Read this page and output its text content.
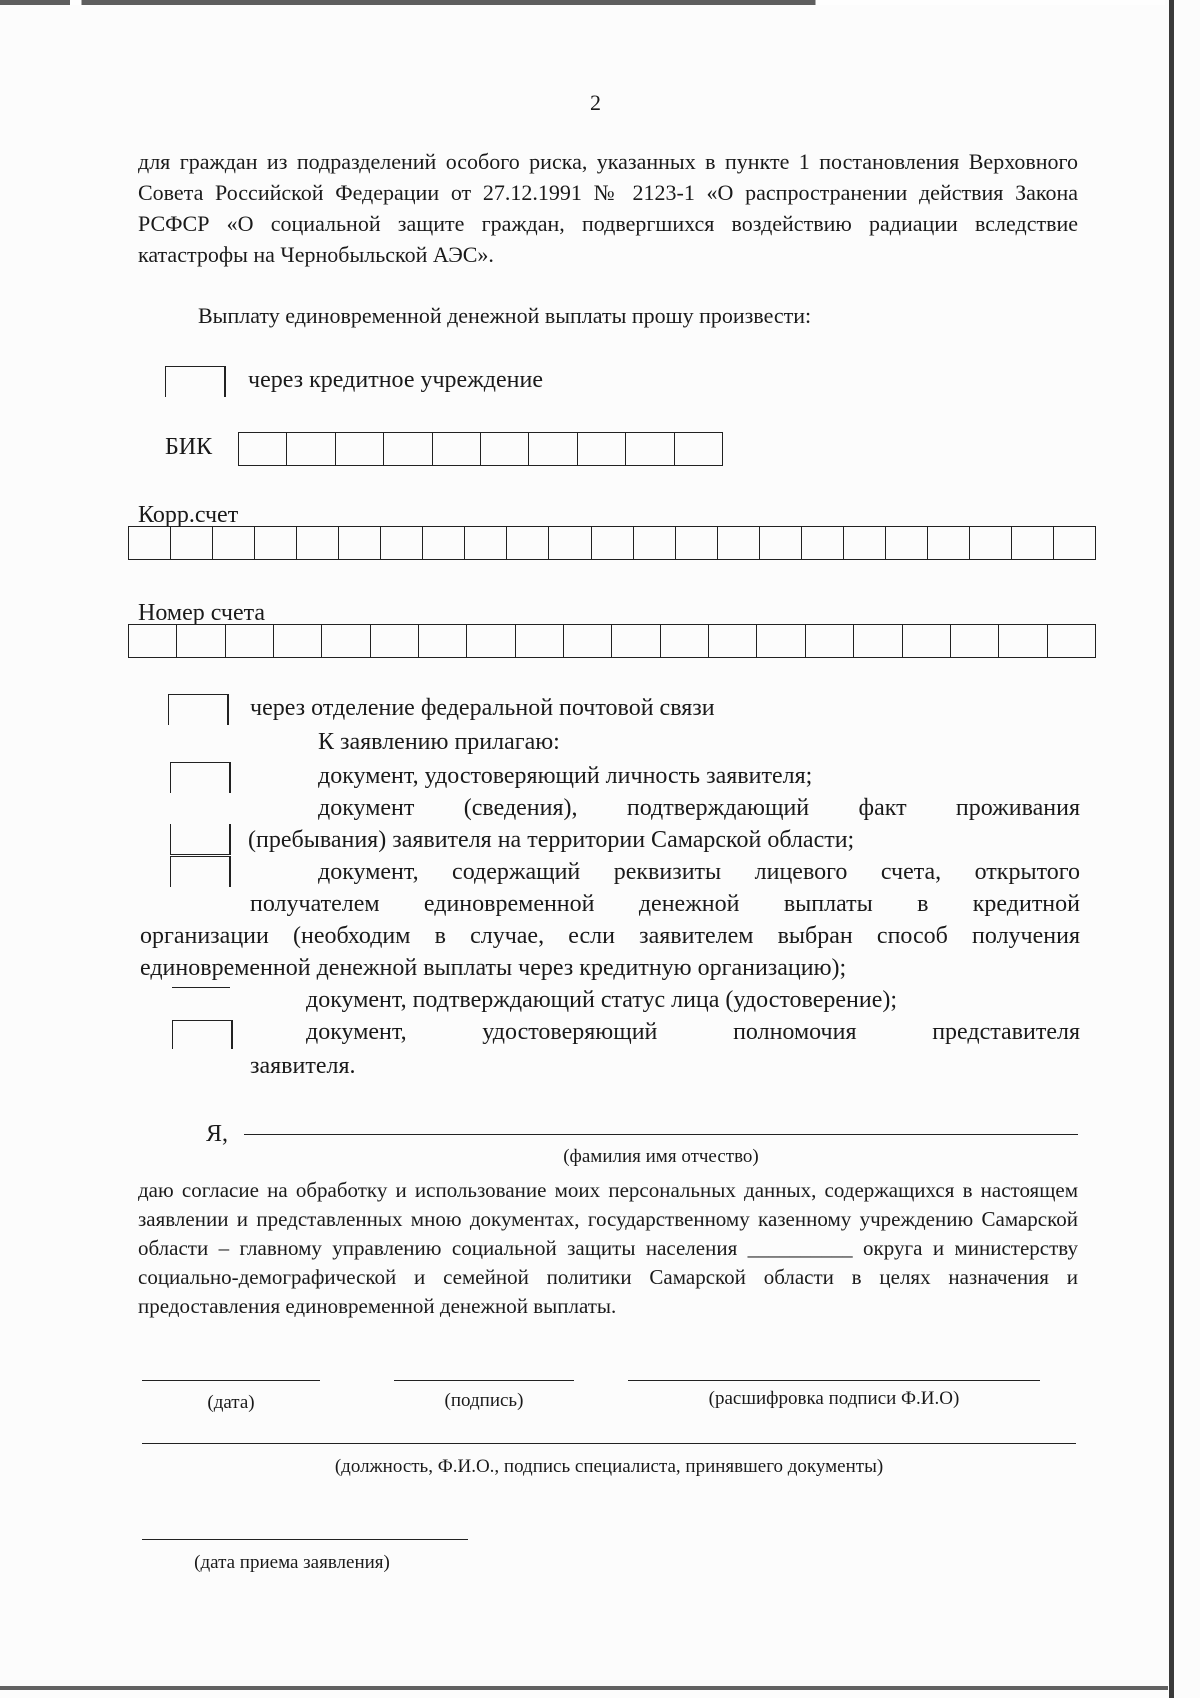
2

для граждан из подразделений особого риска, указанных в пункте 1 постановления Верховного Совета Российской Федерации от 27.12.1991 № 2123-1 «О распространении действия Закона РСФСР «О социальной защите граждан, подвергшихся воздействию радиации вследствие катастрофы на Чернобыльской АЭС».

Выплату единовременной денежной выплаты прошу произвести:

через кредитное учреждение
БИК
Корр.счет
Номер счета
через отделение федеральной почтовой связи
К заявлению прилагаю:
документ, удостоверяющий личность заявителя;
документ (сведения), подтверждающий факт проживания
(пребывания) заявителя на территории Самарской области;
документ, содержащий реквизиты лицевого счета, открытого
получателем единовременной денежной выплаты в кредитной
организации (необходим в случае, если заявителем выбран способ получения
единовременной денежной выплаты через кредитную организацию);
документ, подтверждающий статус лица (удостоверение);
документ, удостоверяющий полномочия представителя
заявителя.
Я,
(фамилия имя отчество)

даю согласие на обработку и использование моих персональных данных, содержащихся в настоящем заявлении и представленных мною документах, государственному казенному учреждению Самарской области – главному управлению социальной защиты населения __________ округа и министерству социально-демографической и семейной политики Самарской области в целях назначения и предоставления единовременной денежной выплаты.

(дата)	(подпись)	(расшифровка подписи Ф.И.О)
(должность, Ф.И.О., подпись специалиста, принявшего документы)
(дата приема заявления)
